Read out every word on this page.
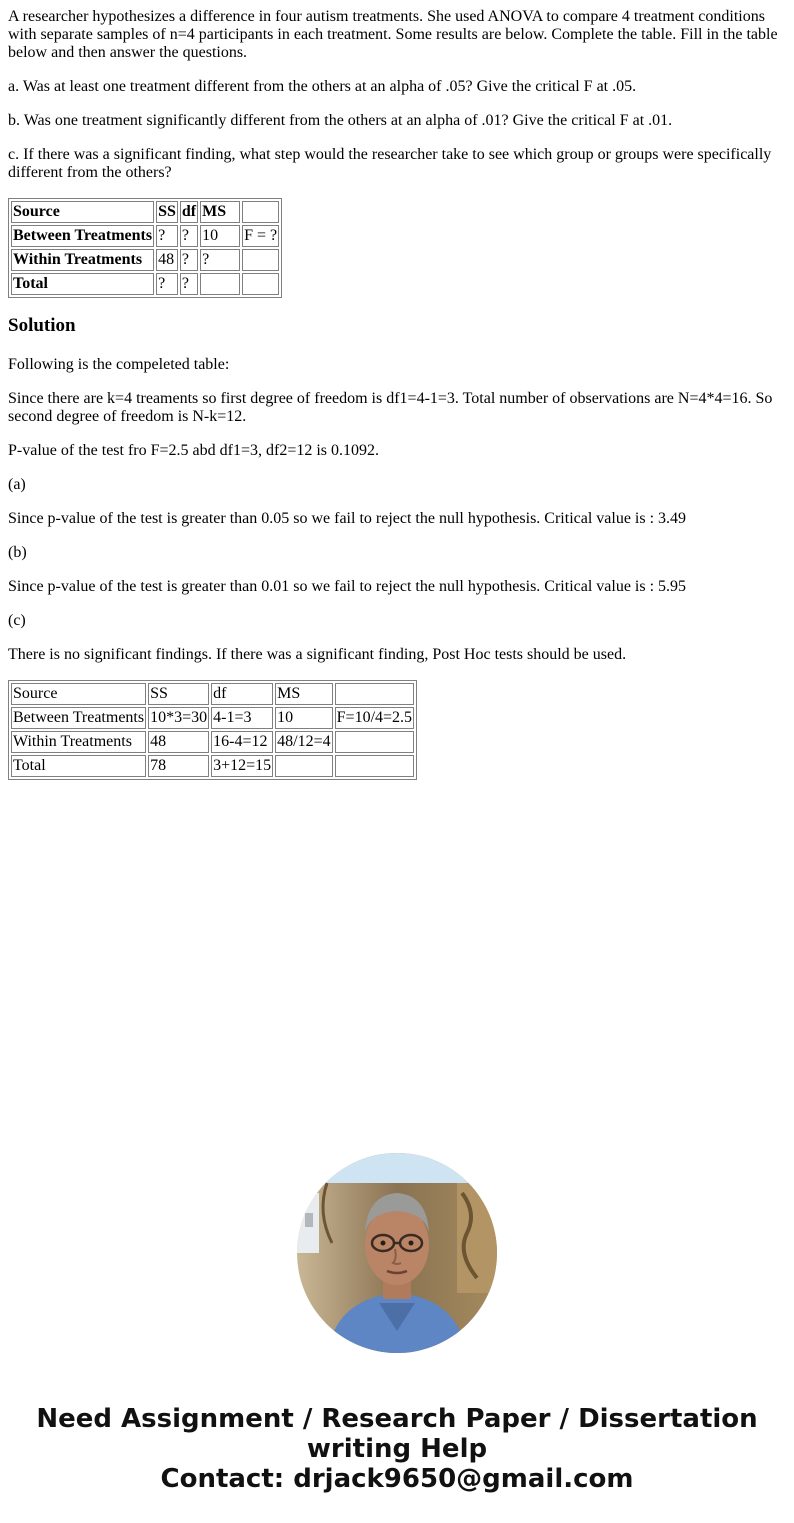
A researcher hypothesizes a difference in four autism treatments. She used ANOVA to compare 4 treatment conditions with separate samples of n=4 participants in each treatment. Some results are below. Complete the table. Fill in the table below and then answer the questions.

a. Was at least one treatment different from the others at an alpha of .05? Give the critical F at .05.

b. Was one treatment significantly different from the others at an alpha of .01? Give the critical F at .01.

c. If there was a significant finding, what step would the researcher take to see which group or groups were specifically different from the others?

Source	SS	df	MS	
Between Treatments	?	?	10	F = ?
Within Treatments	48	?	?	
Total	?	?		
Solution

Following is the compeleted table:

Since there are k=4 treaments so first degree of freedom is df1=4-1=3. Total number of observations are N=4*4=16. So second degree of freedom is N-k=12.

P-value of the test fro F=2.5 abd df1=3, df2=12 is 0.1092.

(a)

Since p-value of the test is greater than 0.05 so we fail to reject the null hypothesis. Critical value is : 3.49

(b)

Since p-value of the test is greater than 0.01 so we fail to reject the null hypothesis. Critical value is : 5.95

(c)

There is no significant findings. If there was a significant finding, Post Hoc tests should be used.

Source	SS	df	MS	
Between Treatments	10*3=30	4-1=3	10	F=10/4=2.5
Within Treatments	48	16-4=12	48/12=4	
Total	78	3+12=15		
Need Assignment / Research Paper / Dissertation
writing Help
Contact: drjack9650@gmail.com
